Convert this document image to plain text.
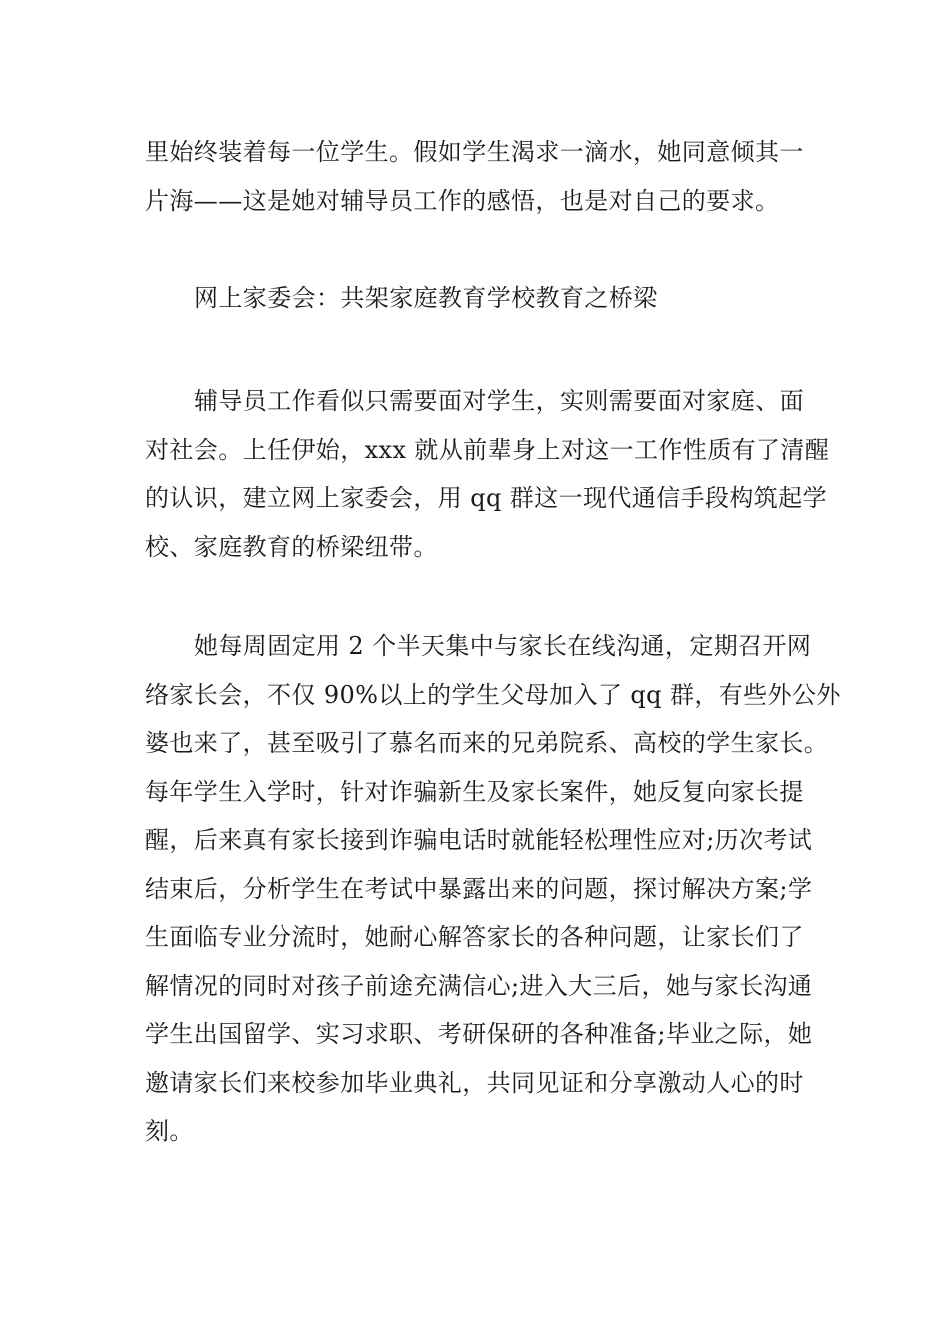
里始终装着每一位学生。假如学生渴求一滴水，她同意倾其一
片海——这是她对辅导员工作的感悟，也是对自己的要求。
网上家委会：共架家庭教育学校教育之桥梁
辅导员工作看似只需要面对学生，实则需要面对家庭、面
对社会。上任伊始，xxx 就从前辈身上对这一工作性质有了清醒
的认识，建立网上家委会，用 qq 群这一现代通信手段构筑起学
校、家庭教育的桥梁纽带。
她每周固定用 2 个半天集中与家长在线沟通，定期召开网
络家长会，不仅 90%以上的学生父母加入了 qq 群，有些外公外
婆也来了，甚至吸引了慕名而来的兄弟院系、高校的学生家长。
每年学生入学时，针对诈骗新生及家长案件，她反复向家长提
醒，后来真有家长接到诈骗电话时就能轻松理性应对;历次考试
结束后，分析学生在考试中暴露出来的问题，探讨解决方案;学
生面临专业分流时，她耐心解答家长的各种问题，让家长们了
解情况的同时对孩子前途充满信心;进入大三后，她与家长沟通
学生出国留学、实习求职、考研保研的各种准备;毕业之际，她
邀请家长们来校参加毕业典礼，共同见证和分享激动人心的时
刻。
